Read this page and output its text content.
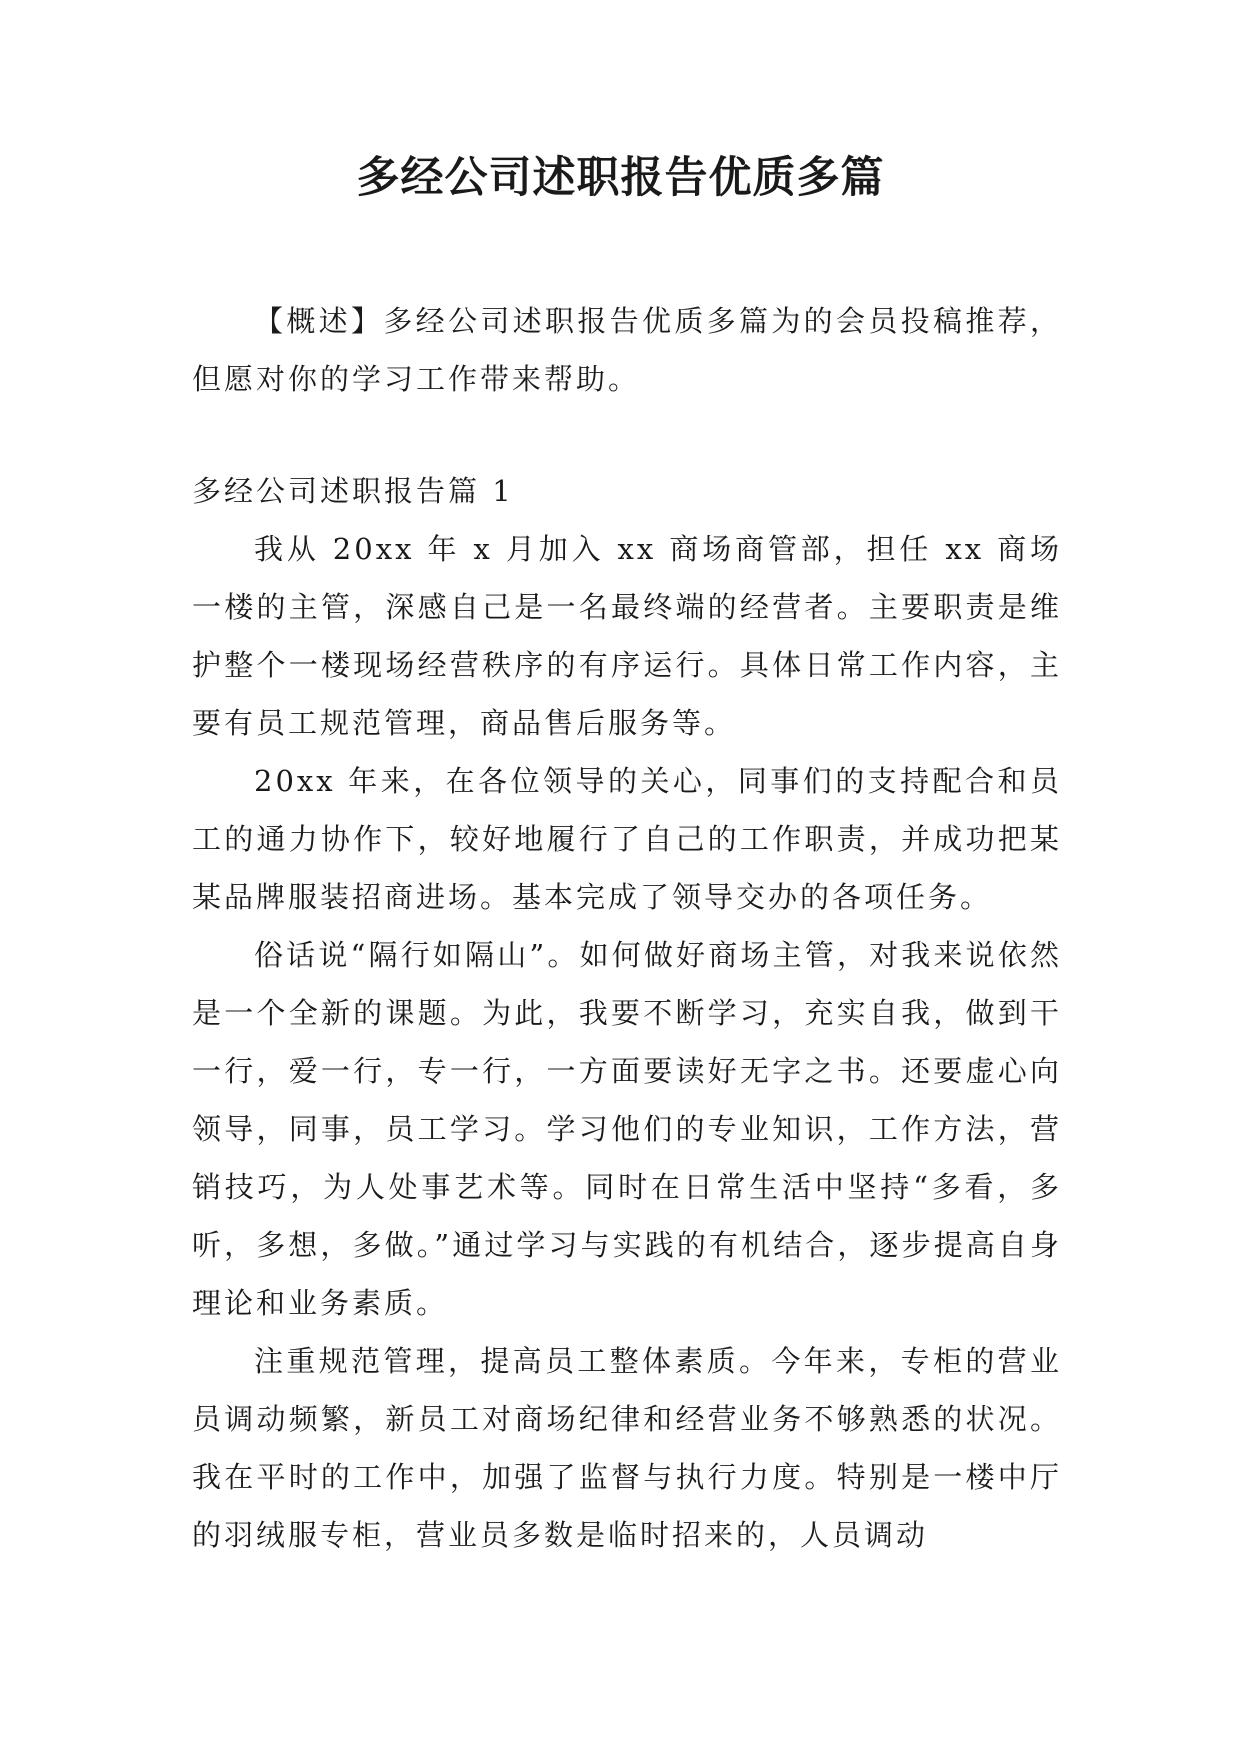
多经公司述职报告优质多篇

【概述】多经公司述职报告优质多篇为的会员投稿推荐，但愿对你的学习工作带来帮助。

多经公司述职报告篇 1

我从 20xx 年 x 月加入 xx 商场商管部，担任 xx 商场一楼的主管，深感自己是一名最终端的经营者。主要职责是维护整个一楼现场经营秩序的有序运行。具体日常工作内容，主要有员工规范管理，商品售后服务等。

20xx 年来，在各位领导的关心，同事们的支持配合和员工的通力协作下，较好地履行了自己的工作职责，并成功把某某品牌服装招商进场。基本完成了领导交办的各项任务。

俗话说“隔行如隔山”。如何做好商场主管，对我来说依然是一个全新的课题。为此，我要不断学习，充实自我，做到干一行，爱一行，专一行，一方面要读好无字之书。还要虚心向领导，同事，员工学习。学习他们的专业知识，工作方法，营销技巧，为人处事艺术等。同时在日常生活中坚持“多看，多听，多想，多做。”通过学习与实践的有机结合，逐步提高自身理论和业务素质。

注重规范管理，提高员工整体素质。今年来，专柜的营业员调动频繁，新员工对商场纪律和经营业务不够熟悉的状况。我在平时的工作中，加强了监督与执行力度。特别是一楼中厅的羽绒服专柜，营业员多数是临时招来的，人员调动
